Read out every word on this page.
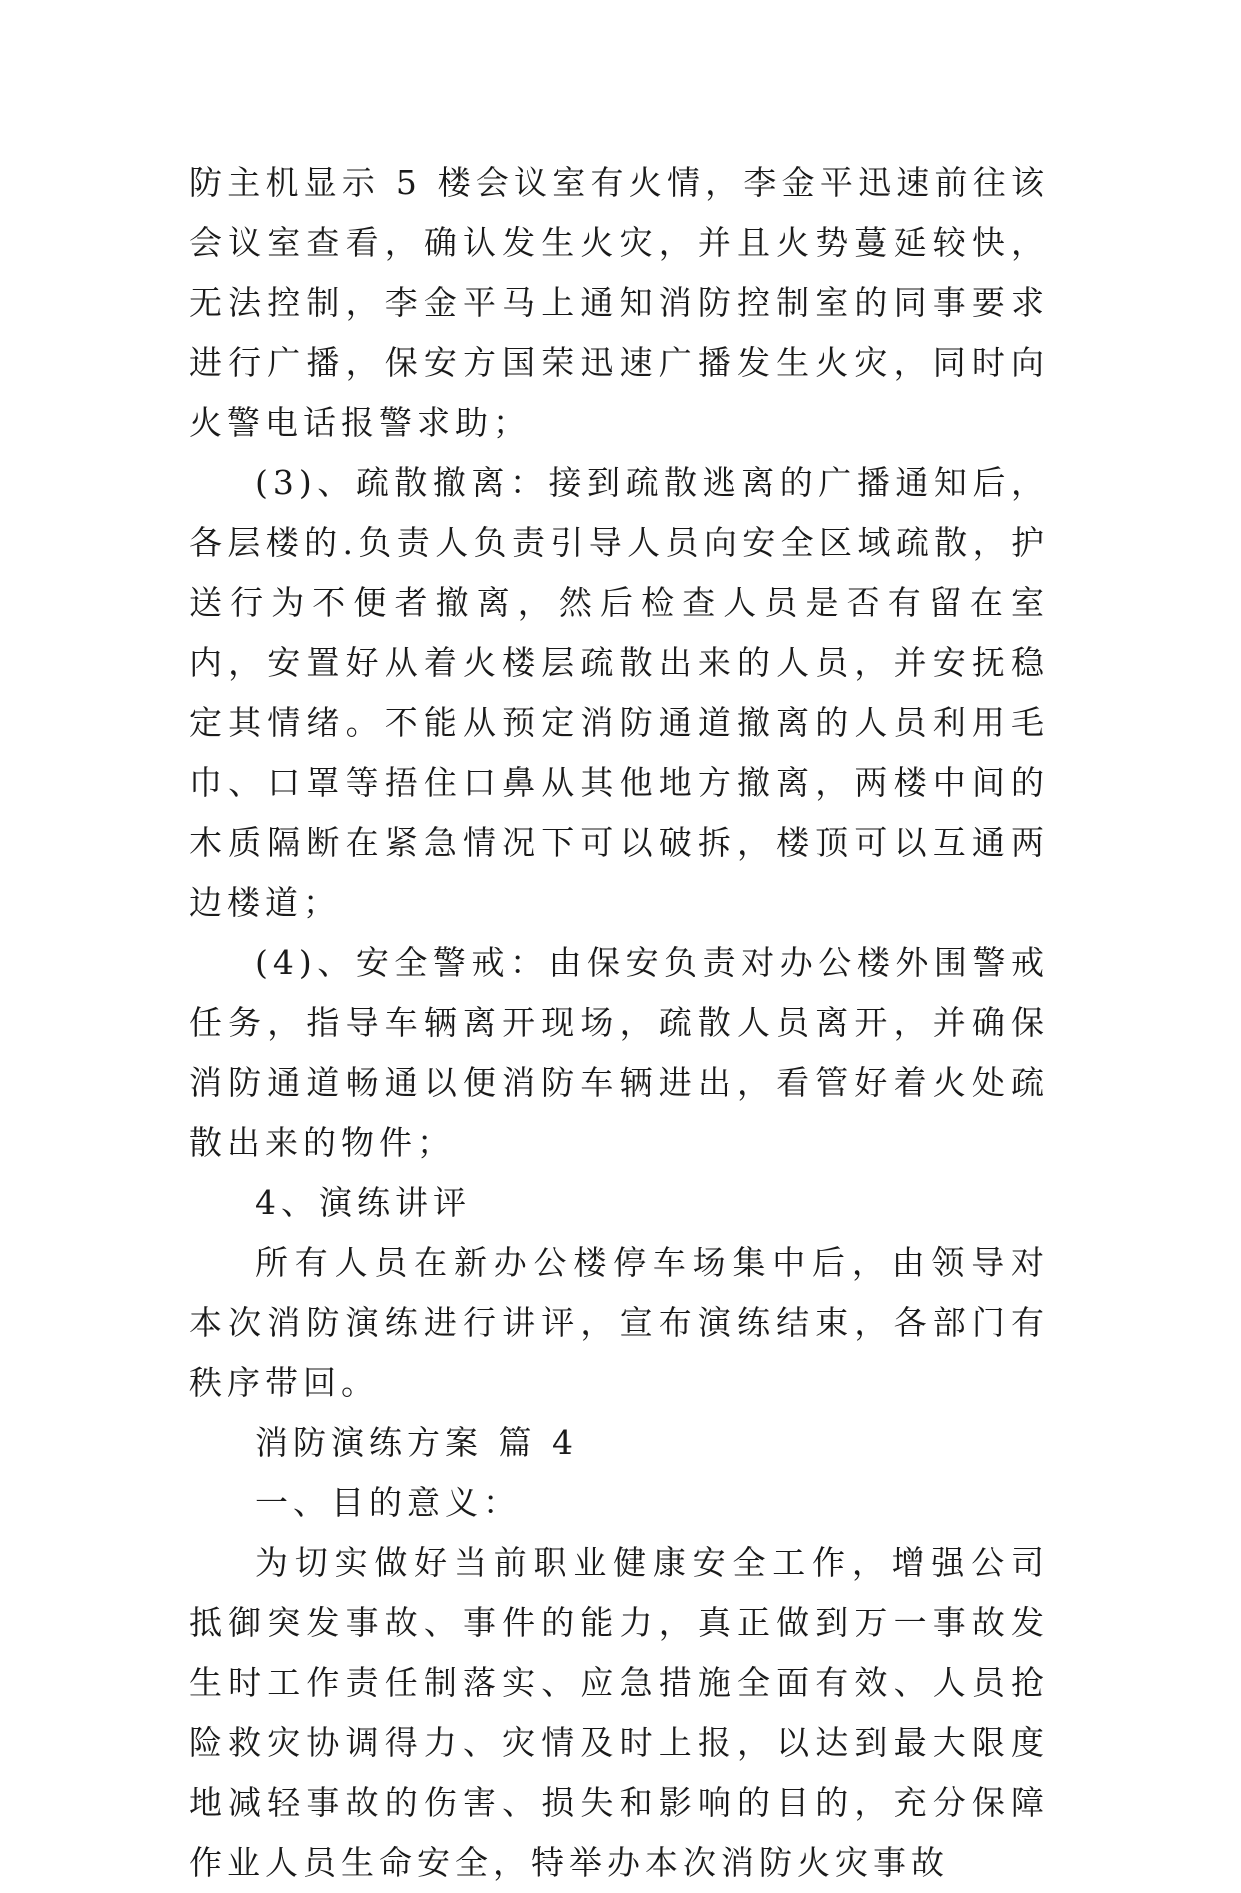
防主机显示 5 楼会议室有火情，李金平迅速前往该会议室查看，确认发生火灾，并且火势蔓延较快，无法控制，李金平马上通知消防控制室的同事要求进行广播，保安方国荣迅速广播发生火灾，同时向火警电话报警求助；

(3)、疏散撤离：接到疏散逃离的广播通知后，各层楼的.负责人负责引导人员向安全区域疏散，护送行为不便者撤离，然后检查人员是否有留在室内，安置好从着火楼层疏散出来的人员，并安抚稳定其情绪。不能从预定消防通道撤离的人员利用毛巾、口罩等捂住口鼻从其他地方撤离，两楼中间的木质隔断在紧急情况下可以破拆，楼顶可以互通两边楼道；

(4)、安全警戒：由保安负责对办公楼外围警戒任务，指导车辆离开现场，疏散人员离开，并确保消防通道畅通以便消防车辆进出，看管好着火处疏散出来的物件；

4、演练讲评

所有人员在新办公楼停车场集中后，由领导对本次消防演练进行讲评，宣布演练结束，各部门有秩序带回。

消防演练方案 篇 4

一、目的意义：

为切实做好当前职业健康安全工作，增强公司抵御突发事故、事件的能力，真正做到万一事故发生时工作责任制落实、应急措施全面有效、人员抢险救灾协调得力、灾情及时上报，以达到最大限度地减轻事故的伤害、损失和影响的目的，充分保障作业人员生命安全，特举办本次消防火灾事故
